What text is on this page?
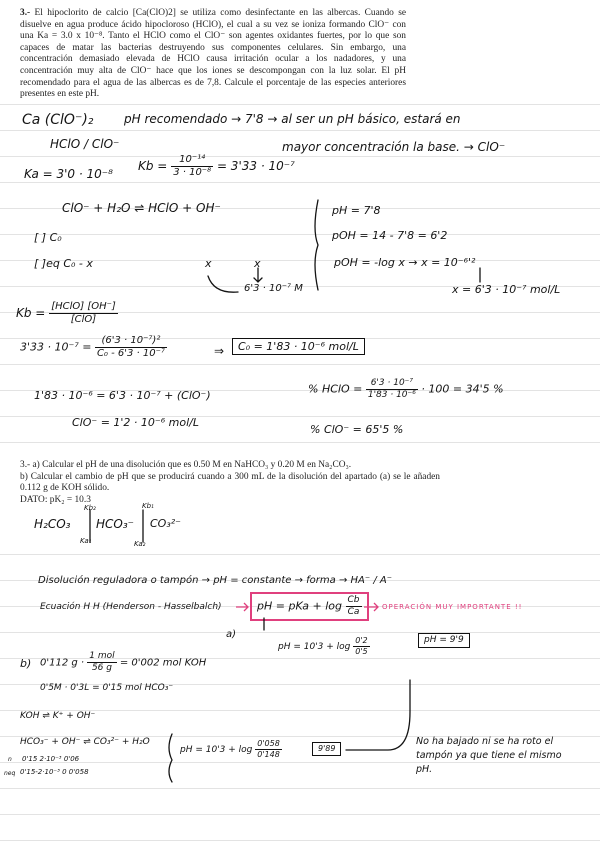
3.- El hipoclorito de calcio [Ca(ClO)2] se utiliza como desinfectante en las albercas. Cuando se disuelve en agua produce ácido hipocloroso (HClO), el cual a su vez se ioniza formando ClO⁻ con una Ka = 3.0 x 10⁻⁸. Tanto el HClO como el ClO⁻ son agentes oxidantes fuertes, por lo que son capaces de matar las bacterias destruyendo sus componentes celulares. Sin embargo, una concentración demasiado elevada de HClO causa irritación ocular a los nadadores, y una concentración muy alta de ClO⁻ hace que los iones se descompongan con la luz solar. El pH recomendado para el agua de las albercas es de 7,8. Calcule el porcentaje de las especies anteriores presentes en este pH.

Ca (ClO⁻)₂	pH recomendado → 7'8 → al ser un pH básico, estará en
HClO / ClO⁻	mayor concentración la base. → ClO⁻
Ka = 3'0 · 10⁻⁸
$Kb = \frac{\text{10⁻¹⁴}}{\text{3 · 10⁻⁸}} = 3'33 \cdot 10^{-7}$
ClO⁻ + H₂O ⇌ HClO + OH⁻
[ ] C₀
[ ]eq C₀ - x	x	x
6'3 · 10⁻⁷ M
pH = 7'8
pOH = 14 - 7'8 = 6'2
pOH = -log x → x = 10⁻⁶'²
x = 6'3 · 10⁻⁷ mol/L
$Kb = \frac{\text{[HClO] [OH⁻]}}{\text{[ClO]}}$
$3'33 \cdot 10^{-7} = \frac{\text{(6'3 · 10⁻⁷)²}}{\text{C₀ - 6'3 · 10⁻⁷}}$	⇒	C₀ = 1'83 · 10⁻⁶ mol/L
1'83 · 10⁻⁶ = 6'3 · 10⁻⁷ + (ClO⁻)
ClO⁻ = 1'2 · 10⁻⁶ mol/L
% HClO = $\frac{\text{6'3 · 10⁻⁷}}{\text{1'83 · 10⁻⁶}} \cdot 100 = 34'5$ %
% ClO⁻ = 65'5 %

3.- a) Calcular el pH de una disolución que es 0.50 M en NaHCO₃ y 0.20 M en Na₂CO₃.

b) Calcular el cambio de pH que se producirá cuando a 300 mL de la disolución del apartado (a) se le añaden 0.112 g de KOH sólido.

DATO: pK₂ = 10.3

H₂CO₃ HCO₃⁻ CO₃²⁻
Kb₂	Kb₁
Ka₁	Ka₂
Disolución reguladora o tampón → pH = constante → forma → HA⁻ / A⁻
Ecuación H H (Henderson - Hasselbalch)	pH = pKa + $\log \frac{Cb}{Ca}$	OPERACIÓN MUY IMPORTANTE !!
a)
pH = $10'3 + \log \frac{0'2}{0'5}$	pH = 9'9
b) 0'112 $g \cdot \frac{\text{1 mol}}{56 g} = 0'002$ mol KOH
0'5M · 0'3L = 0'15 mol HCO₃⁻
KOH ⇌ K⁺ + OH⁻
HCO₃⁻ + OH⁻ ⇌ CO₃²⁻ + H₂O
n 0'15 2·10⁻³ 0'06
neq 0'15-2·10⁻³ 0 0'058
pH = $10'3 + \log \frac{0'058}{0'148}$	9'89
No ha bajado ni se ha roto el tampón ya que tiene el mismo pH.
